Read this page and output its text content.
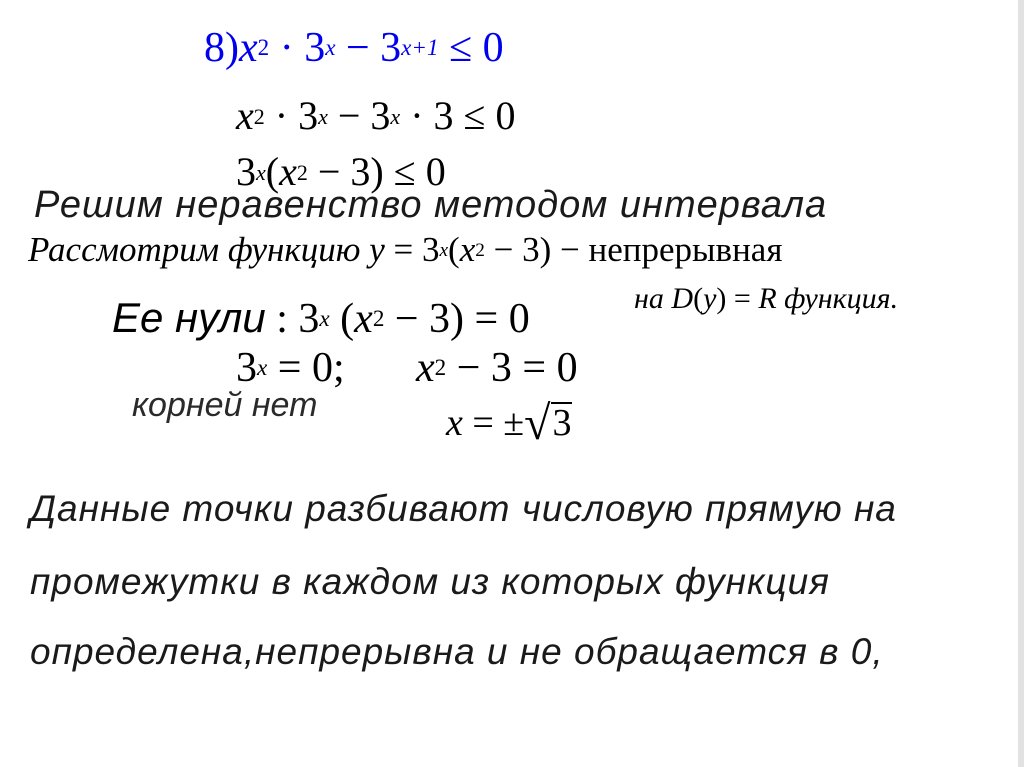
$8)x^2 \cdot 3^x - 3^{x+1} \le 0$
$x^2 \cdot 3^x - 3^x \cdot 3 \le 0$
$3^x(x^2 - 3) \le 0$
Решим неравенство методом интервала
Рассмотрим функцию $y = 3^x(x^2 - 3)$ − непрерывная
на D(y) = R функция.
Ее нули : 3$^x$ $(x^2 - 3) = 0$
$3^x = 0$; $x^2 - 3 = 0$
корней нет	x = ±√3
Данные точки разбивают числовую прямую на
промежутки в каждом из которых функция
определена,непрерывна и не обращается в 0,
